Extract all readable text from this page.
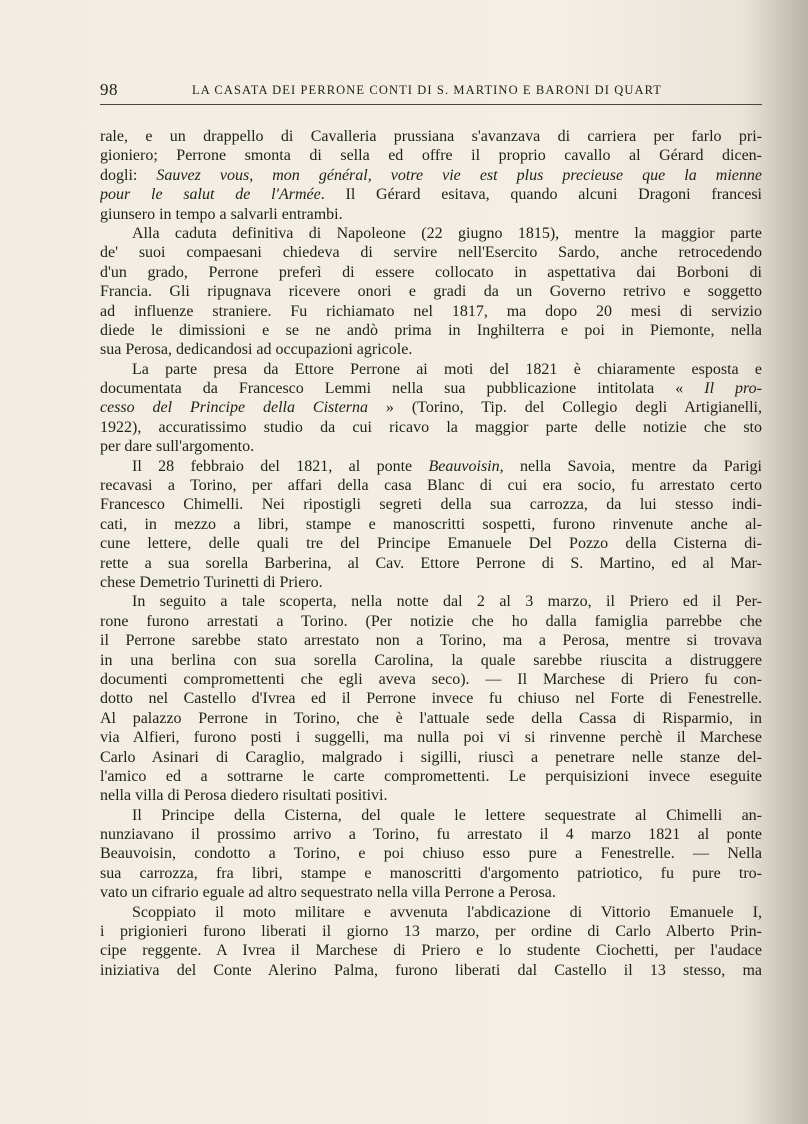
98	LA CASATA DEI PERRONE CONTI DI S. MARTINO E BARONI DI QUART
rale, e un drappello di Cavalleria prussiana s'avanzava di carriera per farlo pri-
gioniero; Perrone smonta di sella ed offre il proprio cavallo al Gérard dicen-
dogli: Sauvez vous, mon général, votre vie est plus precieuse que la mienne
pour le salut de l'Armée. Il Gérard esitava, quando alcuni Dragoni francesi
giunsero in tempo a salvarli entrambi.
Alla caduta definitiva di Napoleone (22 giugno 1815), mentre la maggior parte
de' suoi compaesani chiedeva di servire nell'Esercito Sardo, anche retrocedendo
d'un grado, Perrone preferì di essere collocato in aspettativa dai Borboni di
Francia. Gli ripugnava ricevere onori e gradi da un Governo retrivo e soggetto
ad influenze straniere. Fu richiamato nel 1817, ma dopo 20 mesi di servizio
diede le dimissioni e se ne andò prima in Inghilterra e poi in Piemonte, nella
sua Perosa, dedicandosi ad occupazioni agricole.
La parte presa da Ettore Perrone ai moti del 1821 è chiaramente esposta e
documentata da Francesco Lemmi nella sua pubblicazione intitolata « Il pro-
cesso del Principe della Cisterna » (Torino, Tip. del Collegio degli Artigianelli,
1922), accuratissimo studio da cui ricavo la maggior parte delle notizie che sto
per dare sull'argomento.
Il 28 febbraio del 1821, al ponte Beauvoisin, nella Savoia, mentre da Parigi
recavasi a Torino, per affari della casa Blanc di cui era socio, fu arrestato certo
Francesco Chimelli. Nei ripostigli segreti della sua carrozza, da lui stesso indi-
cati, in mezzo a libri, stampe e manoscritti sospetti, furono rinvenute anche al-
cune lettere, delle quali tre del Principe Emanuele Del Pozzo della Cisterna di-
rette a sua sorella Barberina, al Cav. Ettore Perrone di S. Martino, ed al Mar-
chese Demetrio Turinetti di Priero.
In seguito a tale scoperta, nella notte dal 2 al 3 marzo, il Priero ed il Per-
rone furono arrestati a Torino. (Per notizie che ho dalla famiglia parrebbe che
il Perrone sarebbe stato arrestato non a Torino, ma a Perosa, mentre si trovava
in una berlina con sua sorella Carolina, la quale sarebbe riuscita a distruggere
documenti compromettenti che egli aveva seco). — Il Marchese di Priero fu con-
dotto nel Castello d'Ivrea ed il Perrone invece fu chiuso nel Forte di Fenestrelle.
Al palazzo Perrone in Torino, che è l'attuale sede della Cassa di Risparmio, in
via Alfieri, furono posti i suggelli, ma nulla poi vi si rinvenne perchè il Marchese
Carlo Asinari di Caraglio, malgrado i sigilli, riuscì a penetrare nelle stanze del-
l'amico ed a sottrarne le carte compromettenti. Le perquisizioni invece eseguite
nella villa di Perosa diedero risultati positivi.
Il Principe della Cisterna, del quale le lettere sequestrate al Chimelli an-
nunziavano il prossimo arrivo a Torino, fu arrestato il 4 marzo 1821 al ponte
Beauvoisin, condotto a Torino, e poi chiuso esso pure a Fenestrelle. — Nella
sua carrozza, fra libri, stampe e manoscritti d'argomento patriotico, fu pure tro-
vato un cifrario eguale ad altro sequestrato nella villa Perrone a Perosa.
Scoppiato il moto militare e avvenuta l'abdicazione di Vittorio Emanuele I,
i prigionieri furono liberati il giorno 13 marzo, per ordine di Carlo Alberto Prin-
cipe reggente. A Ivrea il Marchese di Priero e lo studente Ciochetti, per l'audace
iniziativa del Conte Alerino Palma, furono liberati dal Castello il 13 stesso, ma
